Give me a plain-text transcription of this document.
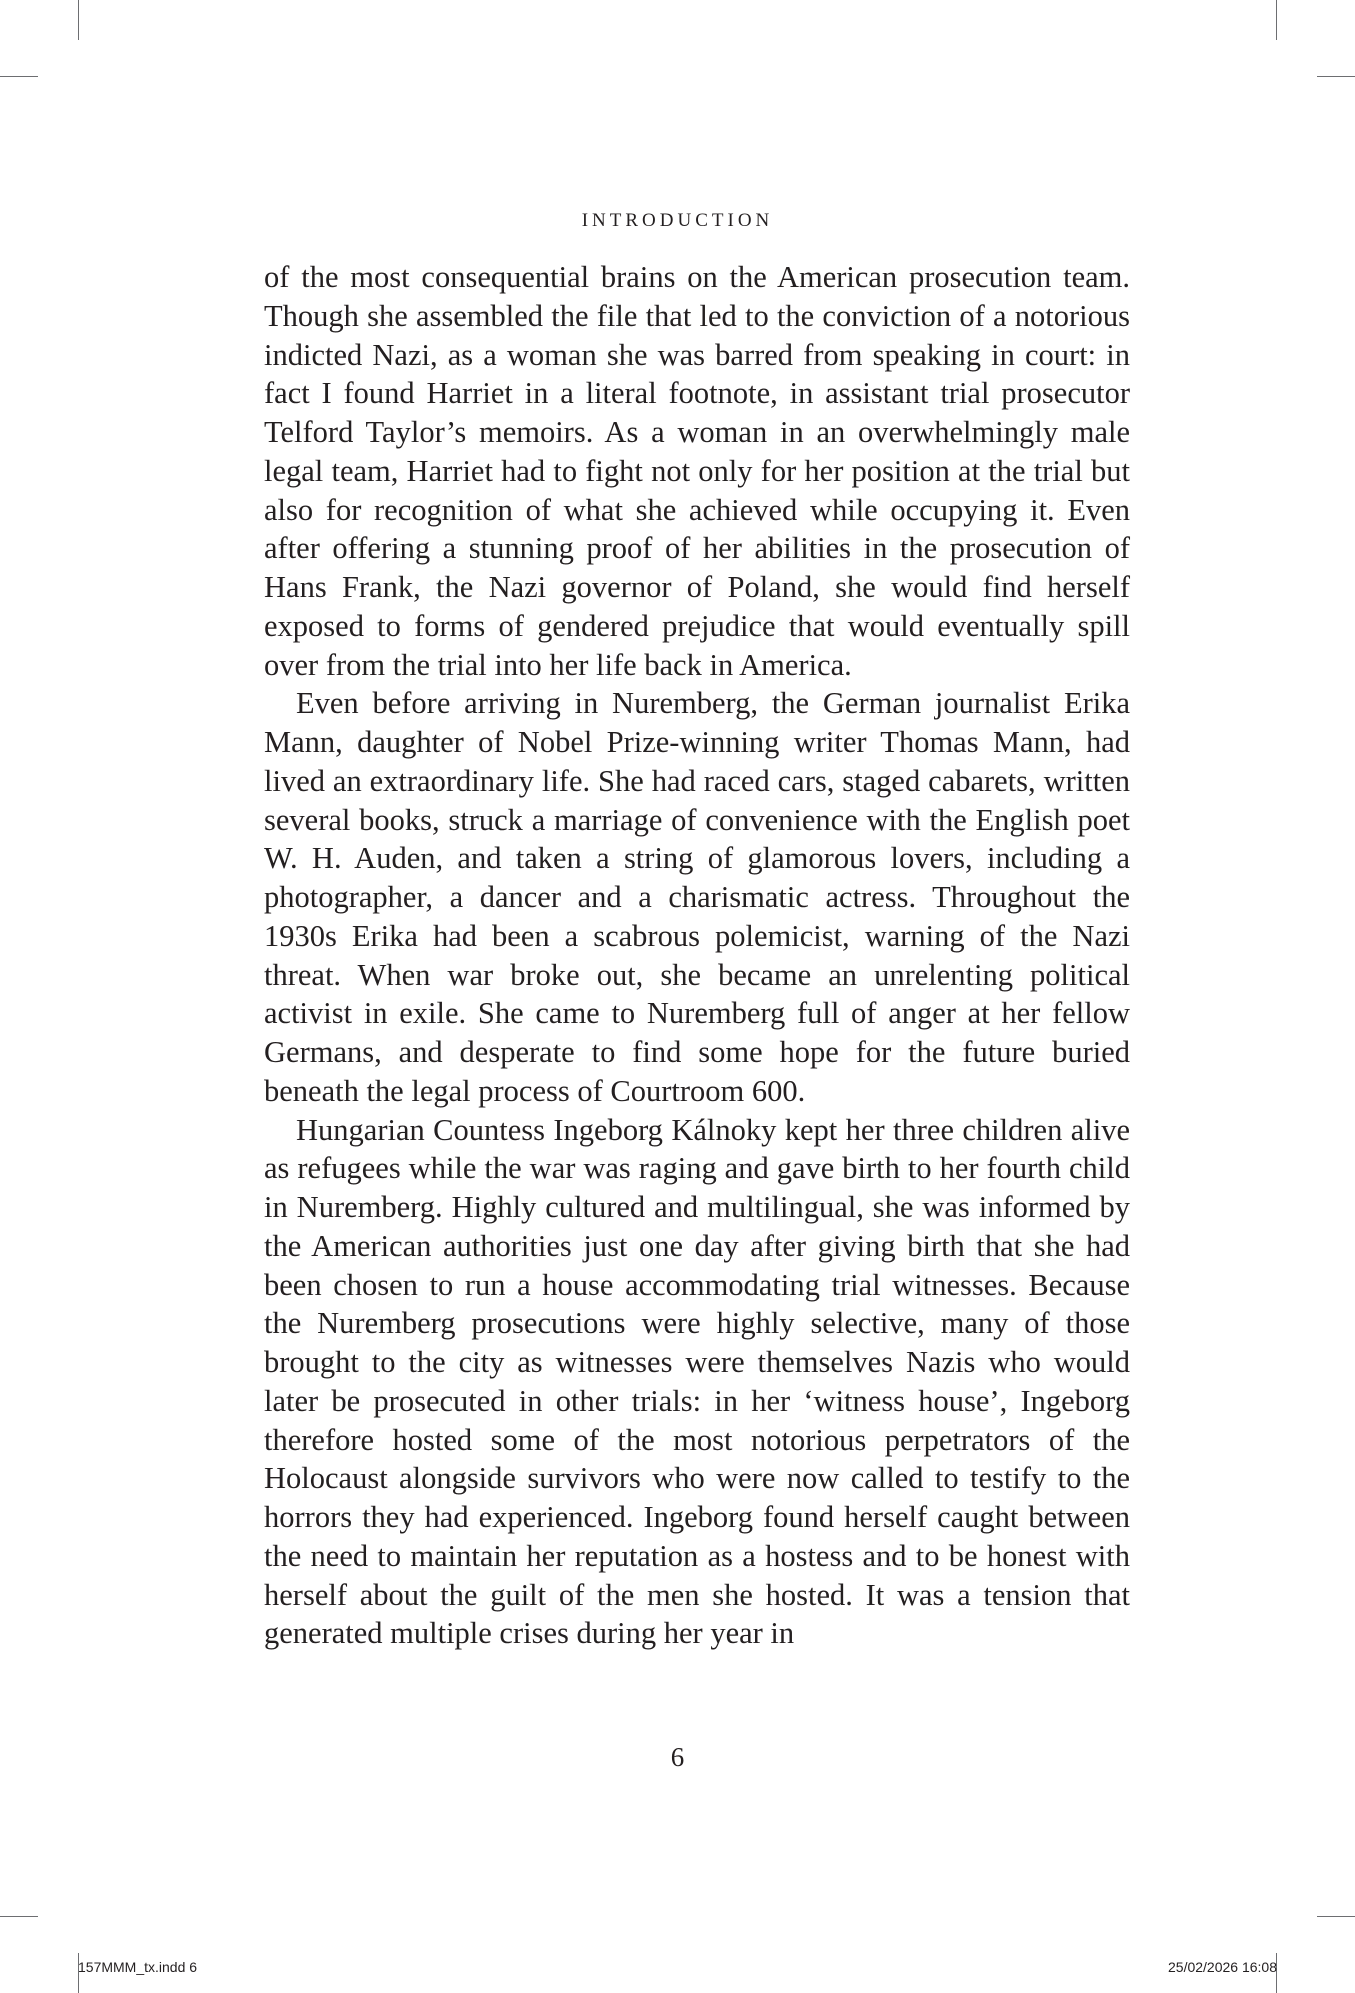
INTRODUCTION

of the most consequential brains on the American prosecution team. Though she assembled the file that led to the conviction of a notorious indicted Nazi, as a woman she was barred from speaking in court: in fact I found Harriet in a literal footnote, in assistant trial prosecutor Telford Taylor’s memoirs. As a woman in an overwhelmingly male legal team, Harriet had to fight not only for her position at the trial but also for recognition of what she achieved while occupying it. Even after offering a stunning proof of her abilities in the prosecution of Hans Frank, the Nazi governor of Poland, she would find herself exposed to forms of gendered prejudice that would eventually spill over from the trial into her life back in America.

Even before arriving in Nuremberg, the German journalist Erika Mann, daughter of Nobel Prize-winning writer Thomas Mann, had lived an extraordinary life. She had raced cars, staged cabarets, written several books, struck a marriage of convenience with the English poet W. H. Auden, and taken a string of glamorous lovers, including a photographer, a dancer and a charismatic actress. Throughout the 1930s Erika had been a scabrous polemicist, warning of the Nazi threat. When war broke out, she became an unrelenting political activist in exile. She came to Nuremberg full of anger at her fellow Germans, and desperate to find some hope for the future buried beneath the legal process of Courtroom 600.

Hungarian Countess Ingeborg Kálnoky kept her three children alive as refugees while the war was raging and gave birth to her fourth child in Nuremberg. Highly cultured and multilingual, she was informed by the American authorities just one day after giving birth that she had been chosen to run a house accommodating trial witnesses. Because the Nuremberg prosecutions were highly selective, many of those brought to the city as witnesses were themselves Nazis who would later be prosecuted in other trials: in her ‘witness house’, Ingeborg therefore hosted some of the most notorious perpetrators of the Holocaust alongside survivors who were now called to testify to the horrors they had experienced. Ingeborg found herself caught between the need to maintain her reputation as a hostess and to be honest with herself about the guilt of the men she hosted. It was a tension that generated multiple crises during her year in

6
157MMM_tx.indd 6	25/02/2026 16:08
